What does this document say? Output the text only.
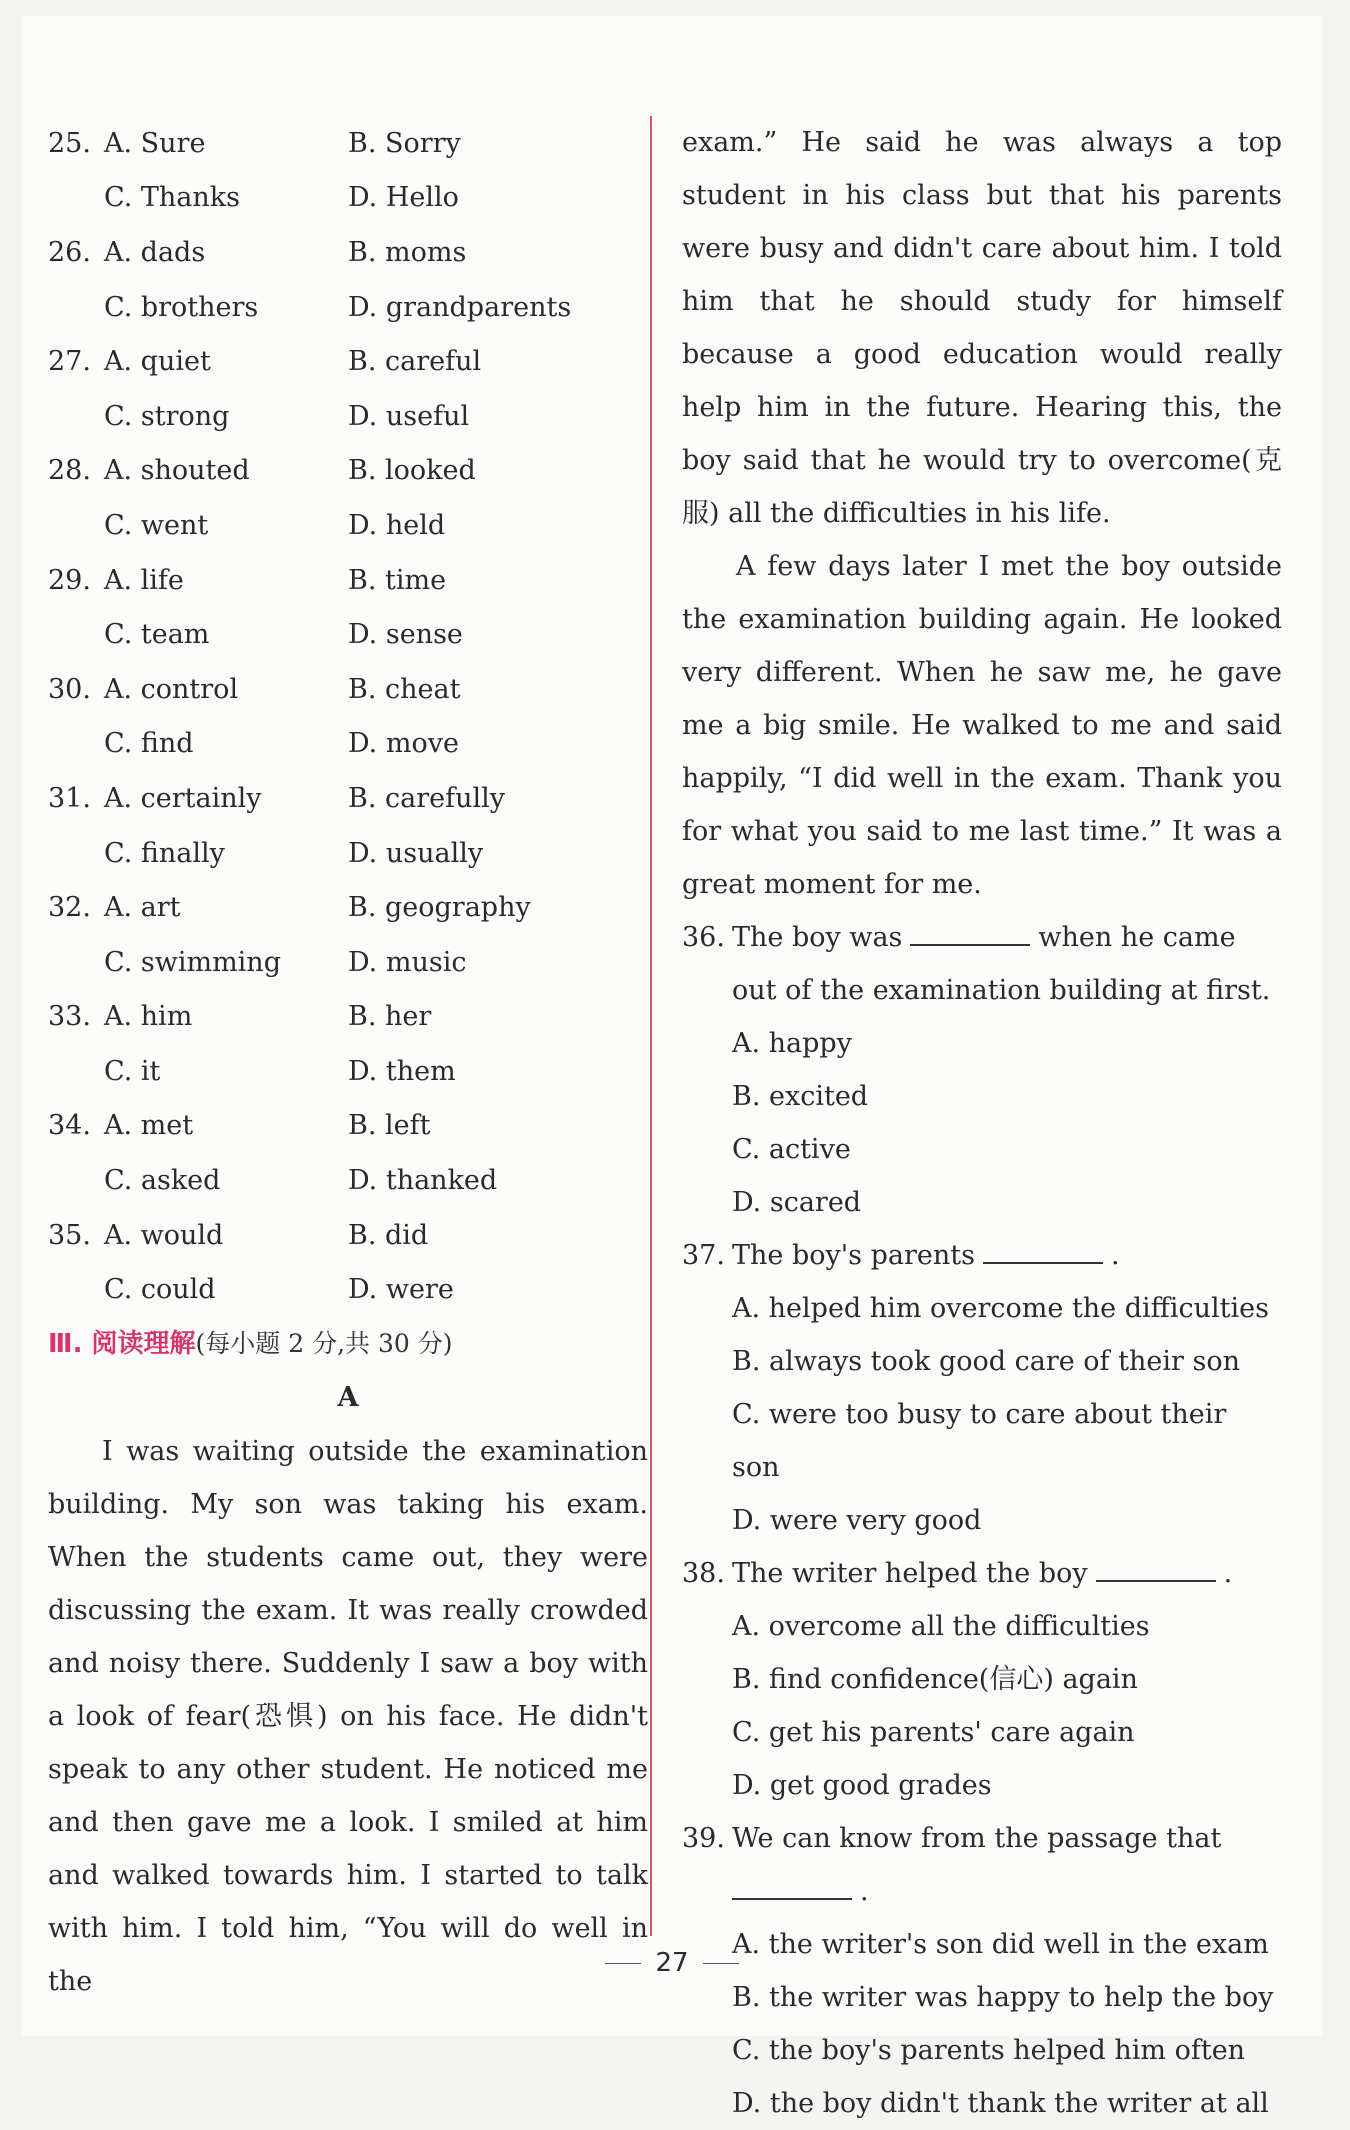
25. A. Sure	B. Sorry
C. Thanks	D. Hello
26. A. dads	B. moms
C. brothers	D. grandparents
27. A. quiet	B. careful
C. strong	D. useful
28. A. shouted	B. looked
C. went	D. held
29. A. life	B. time
C. team	D. sense
30. A. control	B. cheat
C. find	D. move
31. A. certainly	B. carefully
C. finally	D. usually
32. A. art	B. geography
C. swimming	D. music
33. A. him	B. her
C. it	D. them
34. A. met	B. left
C. asked	D. thanked
35. A. would	B. did
C. could	D. were
Ⅲ. 阅读理解(每小题 2 分,共 30 分)
A

I was waiting outside the examination building. My son was taking his exam. When the students came out, they were discussing the exam. It was really crowded and noisy there. Suddenly I saw a boy with a look of fear(恐惧) on his face. He didn't speak to any other student. He noticed me and then gave me a look. I smiled at him and walked towards him. I started to talk with him. I told him, “You will do well in the

exam.” He said he was always a top student in his class but that his parents were busy and didn't care about him. I told him that he should study for himself because a good education would really help him in the future. Hearing this, the boy said that he would try to overcome(克服) all the difficulties in his life.

A few days later I met the boy outside the examination building again. He looked very different. When he saw me, he gave me a big smile. He walked to me and said happily, “I did well in the exam. Thank you for what you said to me last time.” It was a great moment for me.

36. The boy was	when he came out of the examination building at first.
A. happy
B. excited
C. active
D. scared
37. The boy's parents	.
A. helped him overcome the difficulties
B. always took good care of their son
C. were too busy to care about their son
D. were very good
38. The writer helped the boy	.
A. overcome all the difficulties
B. find confidence(信心) again
C. get his parents' care again
D. get good grades
39. We can know from the passage that
.
A. the writer's son did well in the exam
B. the writer was happy to help the boy
C. the boy's parents helped him often
D. the boy didn't thank the writer at all
27
